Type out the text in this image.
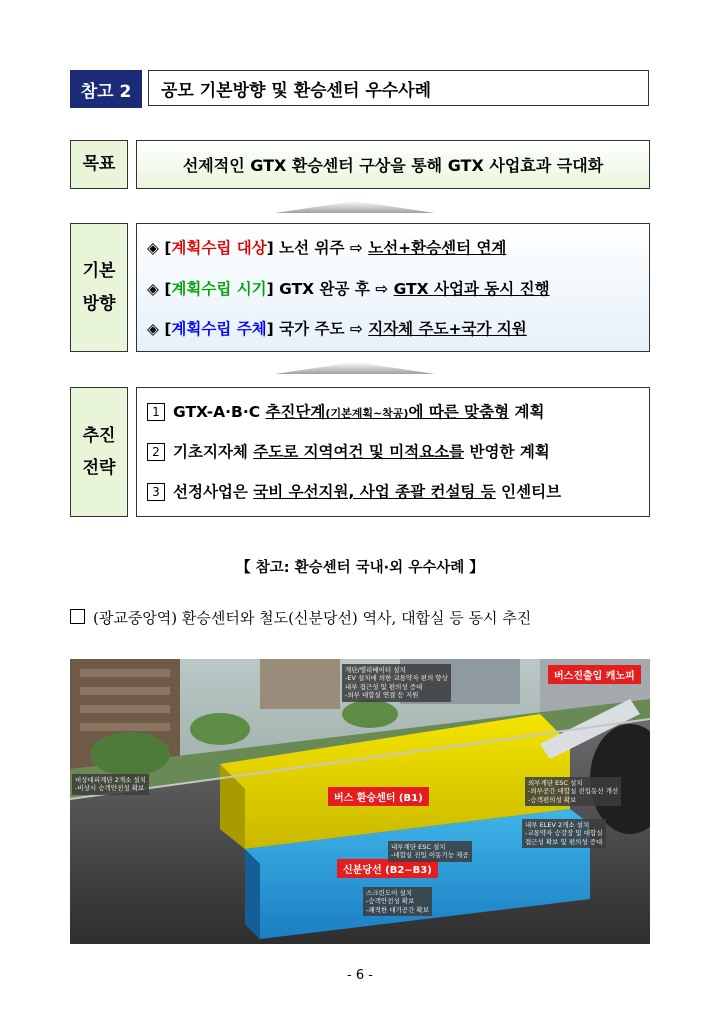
참고 2	공모 기본방향 및 환승센터 우수사례
목표	선제적인 GTX 환승센터 구상을 통해 GTX 사업효과 극대화
기본
방향
◈ [계획수립 대상] 노선 위주 ⇨ 노선+환승센터 연계
◈ [계획수립 시기] GTX 완공 후 ⇨ GTX 사업과 동시 진행
◈ [계획수립 주체] 국가 주도 ⇨ 지자체 주도+국가 지원
추진
전략
1 GTX-A·B·C 추진단계(기본계획~착공)에 따른 맞춤형 계획
2 기초지자체 주도로 지역여건 및 미적요소를 반영한 계획
3 선정사업은 국비 우선지원, 사업 종괄 컨설팅 등 인센티브
【 참고: 환승센터 국내·외 우수사례 】
(광교중앙역) 환승센터와 철도(신분당선) 역사, 대합실 등 동시 추진
버스진출입 캐노피
버스 환승센터 (B1)
신분당선 (B2~B3)
계단/엘리베이터 설치
-EV 설치에 의한 교통약자 편의 향상
내부 접근성 및 편의성 증대
-외부 대합실 연결 등 지원
비상대피계단 2개소 설치
-비상시 승객안전성 확보
외부계단 ESC 설치
-외부공간 대합실 진입동선 개선
-승객편의성 확보
내부 ELEV 2개소 설치
-교통약자 승강장 및 대합실
접근성 확보 및 편의성 증대
내부계단 ESC 설치
-대합실 진입 이동기능 제공
스크린도어 설치
-승객안전성 확보
-쾌적한 대기공간 확보
- 6 -
